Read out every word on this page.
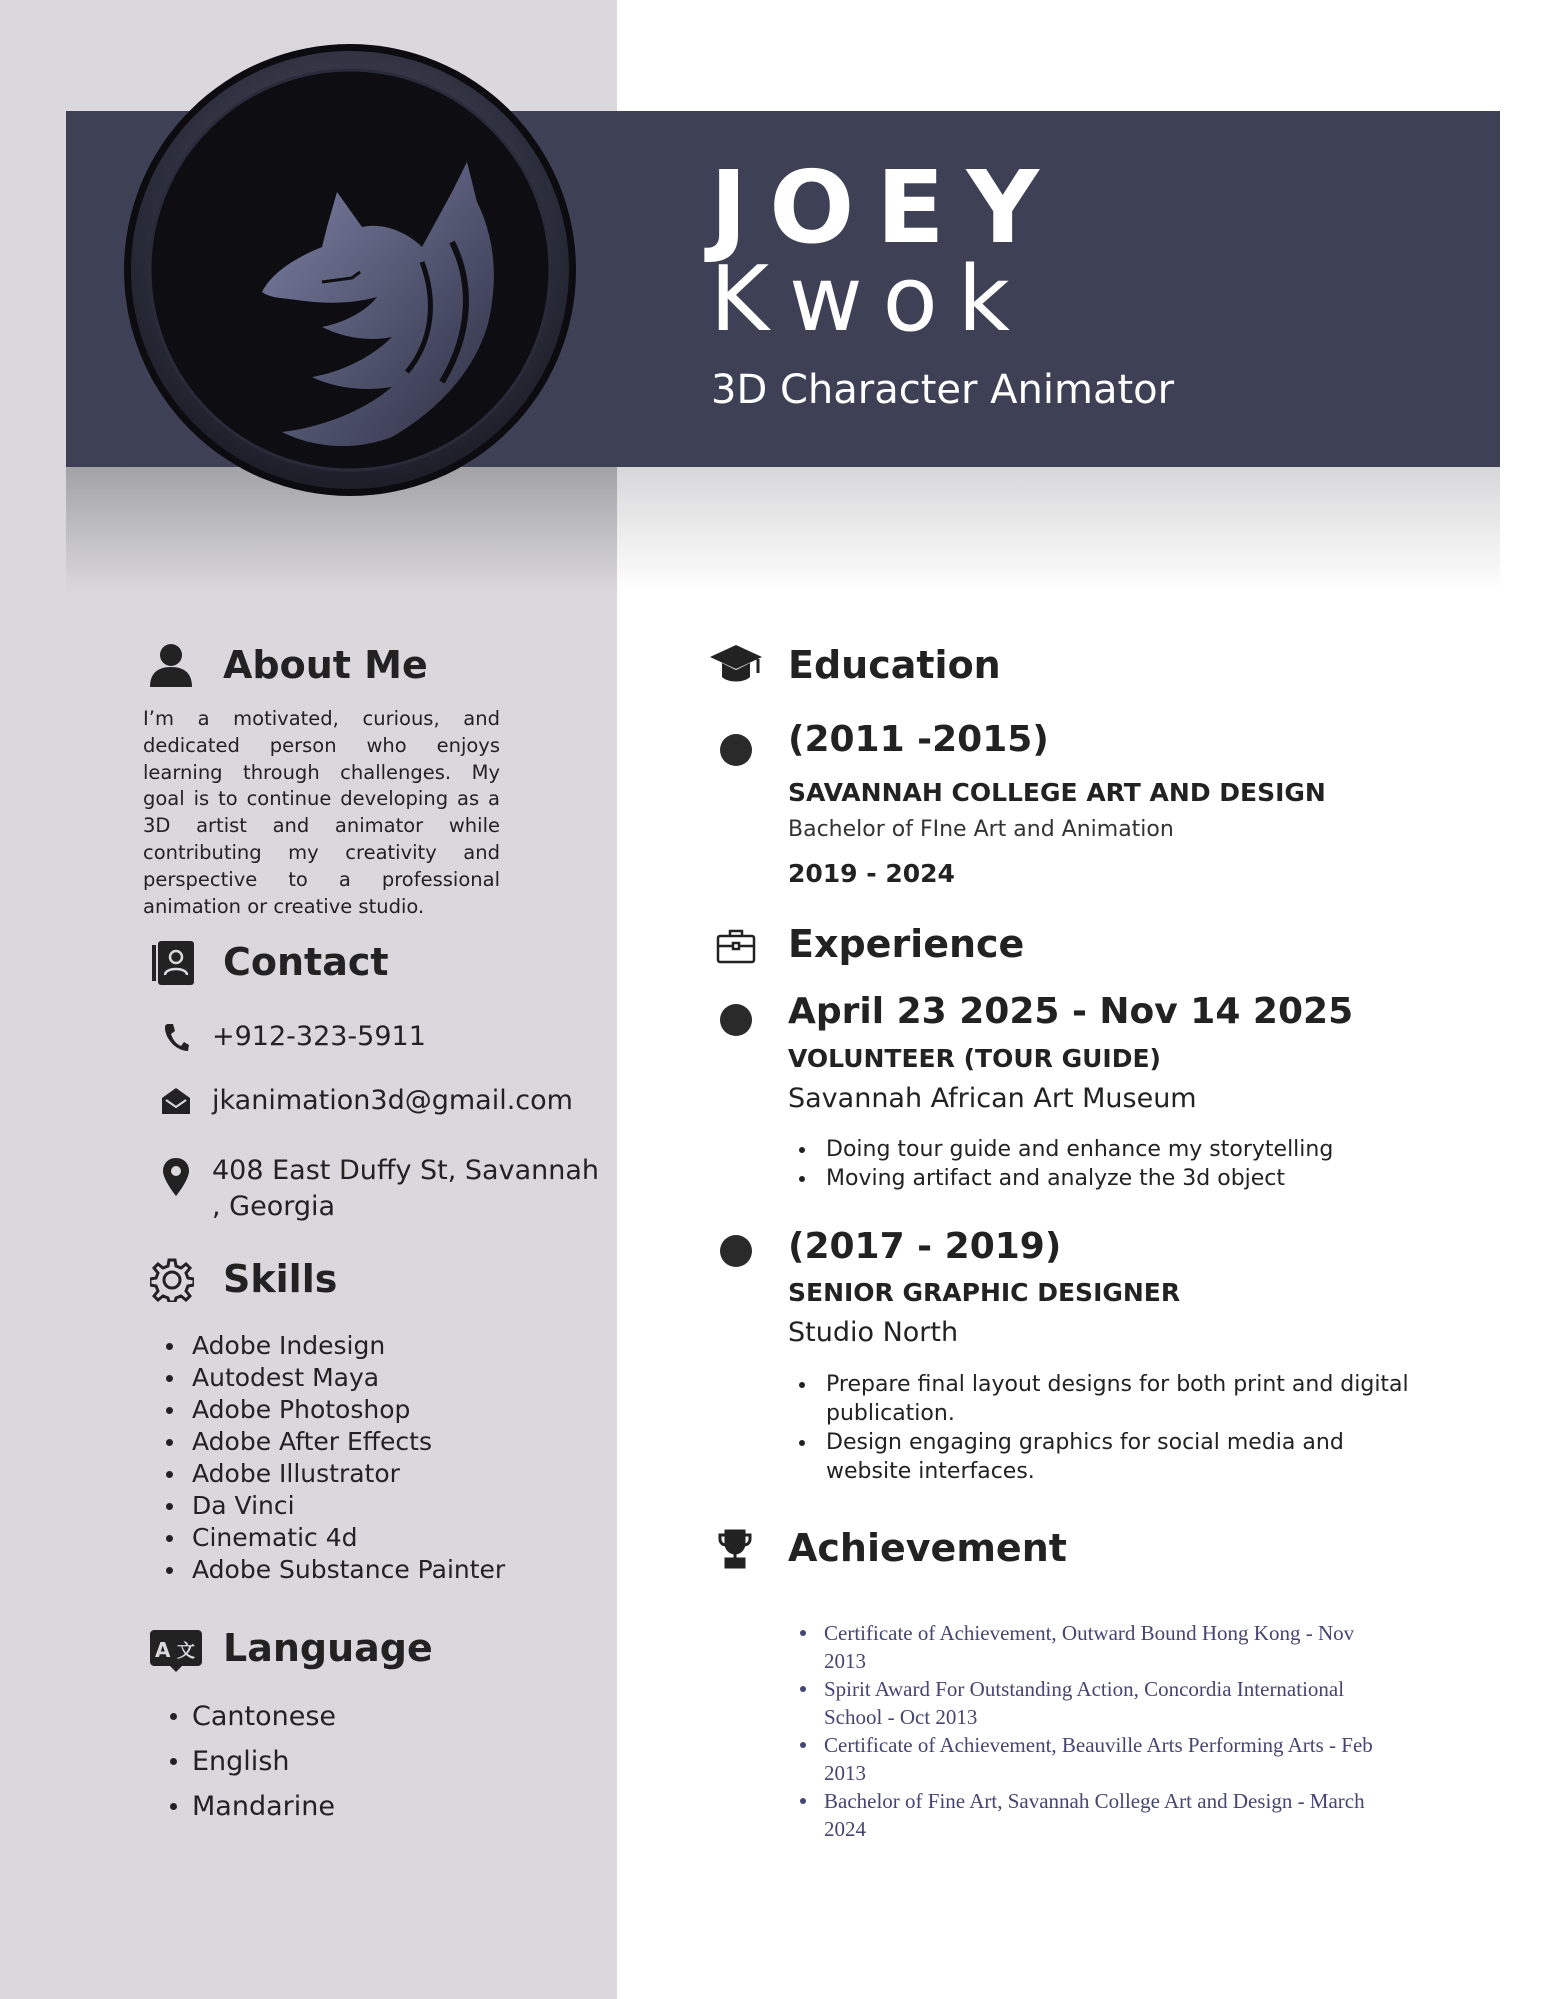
JOEY
Kwok

3D Character Animator

About Me

I’m a motivated, curious, and dedicated person who enjoys learning through challenges. My goal is to continue developing as a 3D artist and animator while contributing my creativity and perspective to a professional animation or creative studio.

Contact
+912-323-5911
jkanimation3d@gmail.com
408 East Duffy St, Savannah
, Georgia
Skills
Adobe Indesign
Autodest Maya
Adobe Photoshop
Adobe After Effects
Adobe Illustrator
Da Vinci
Cinematic 4d
Adobe Substance Painter
A 文 Language
Cantonese
English
Mandarine
Education

(2011 -2015)

SAVANNAH COLLEGE ART AND DESIGN

Bachelor of FIne Art and Animation

2019 - 2024

Experience

April 23 2025 - Nov 14 2025

VOLUNTEER (TOUR GUIDE)

Savannah African Art Museum

Doing tour guide and enhance my storytelling
Moving artifact and analyze the 3d object

(2017 - 2019)

SENIOR GRAPHIC DESIGNER

Studio North

Prepare final layout designs for both print and digital publication.
Design engaging graphics for social media and website interfaces.
Achievement
Certificate of Achievement, Outward Bound Hong Kong - Nov 2013
Spirit Award For Outstanding Action, Concordia International School - Oct 2013
Certificate of Achievement, Beauville Arts Performing Arts - Feb 2013
Bachelor of Fine Art, Savannah College Art and Design - March 2024
